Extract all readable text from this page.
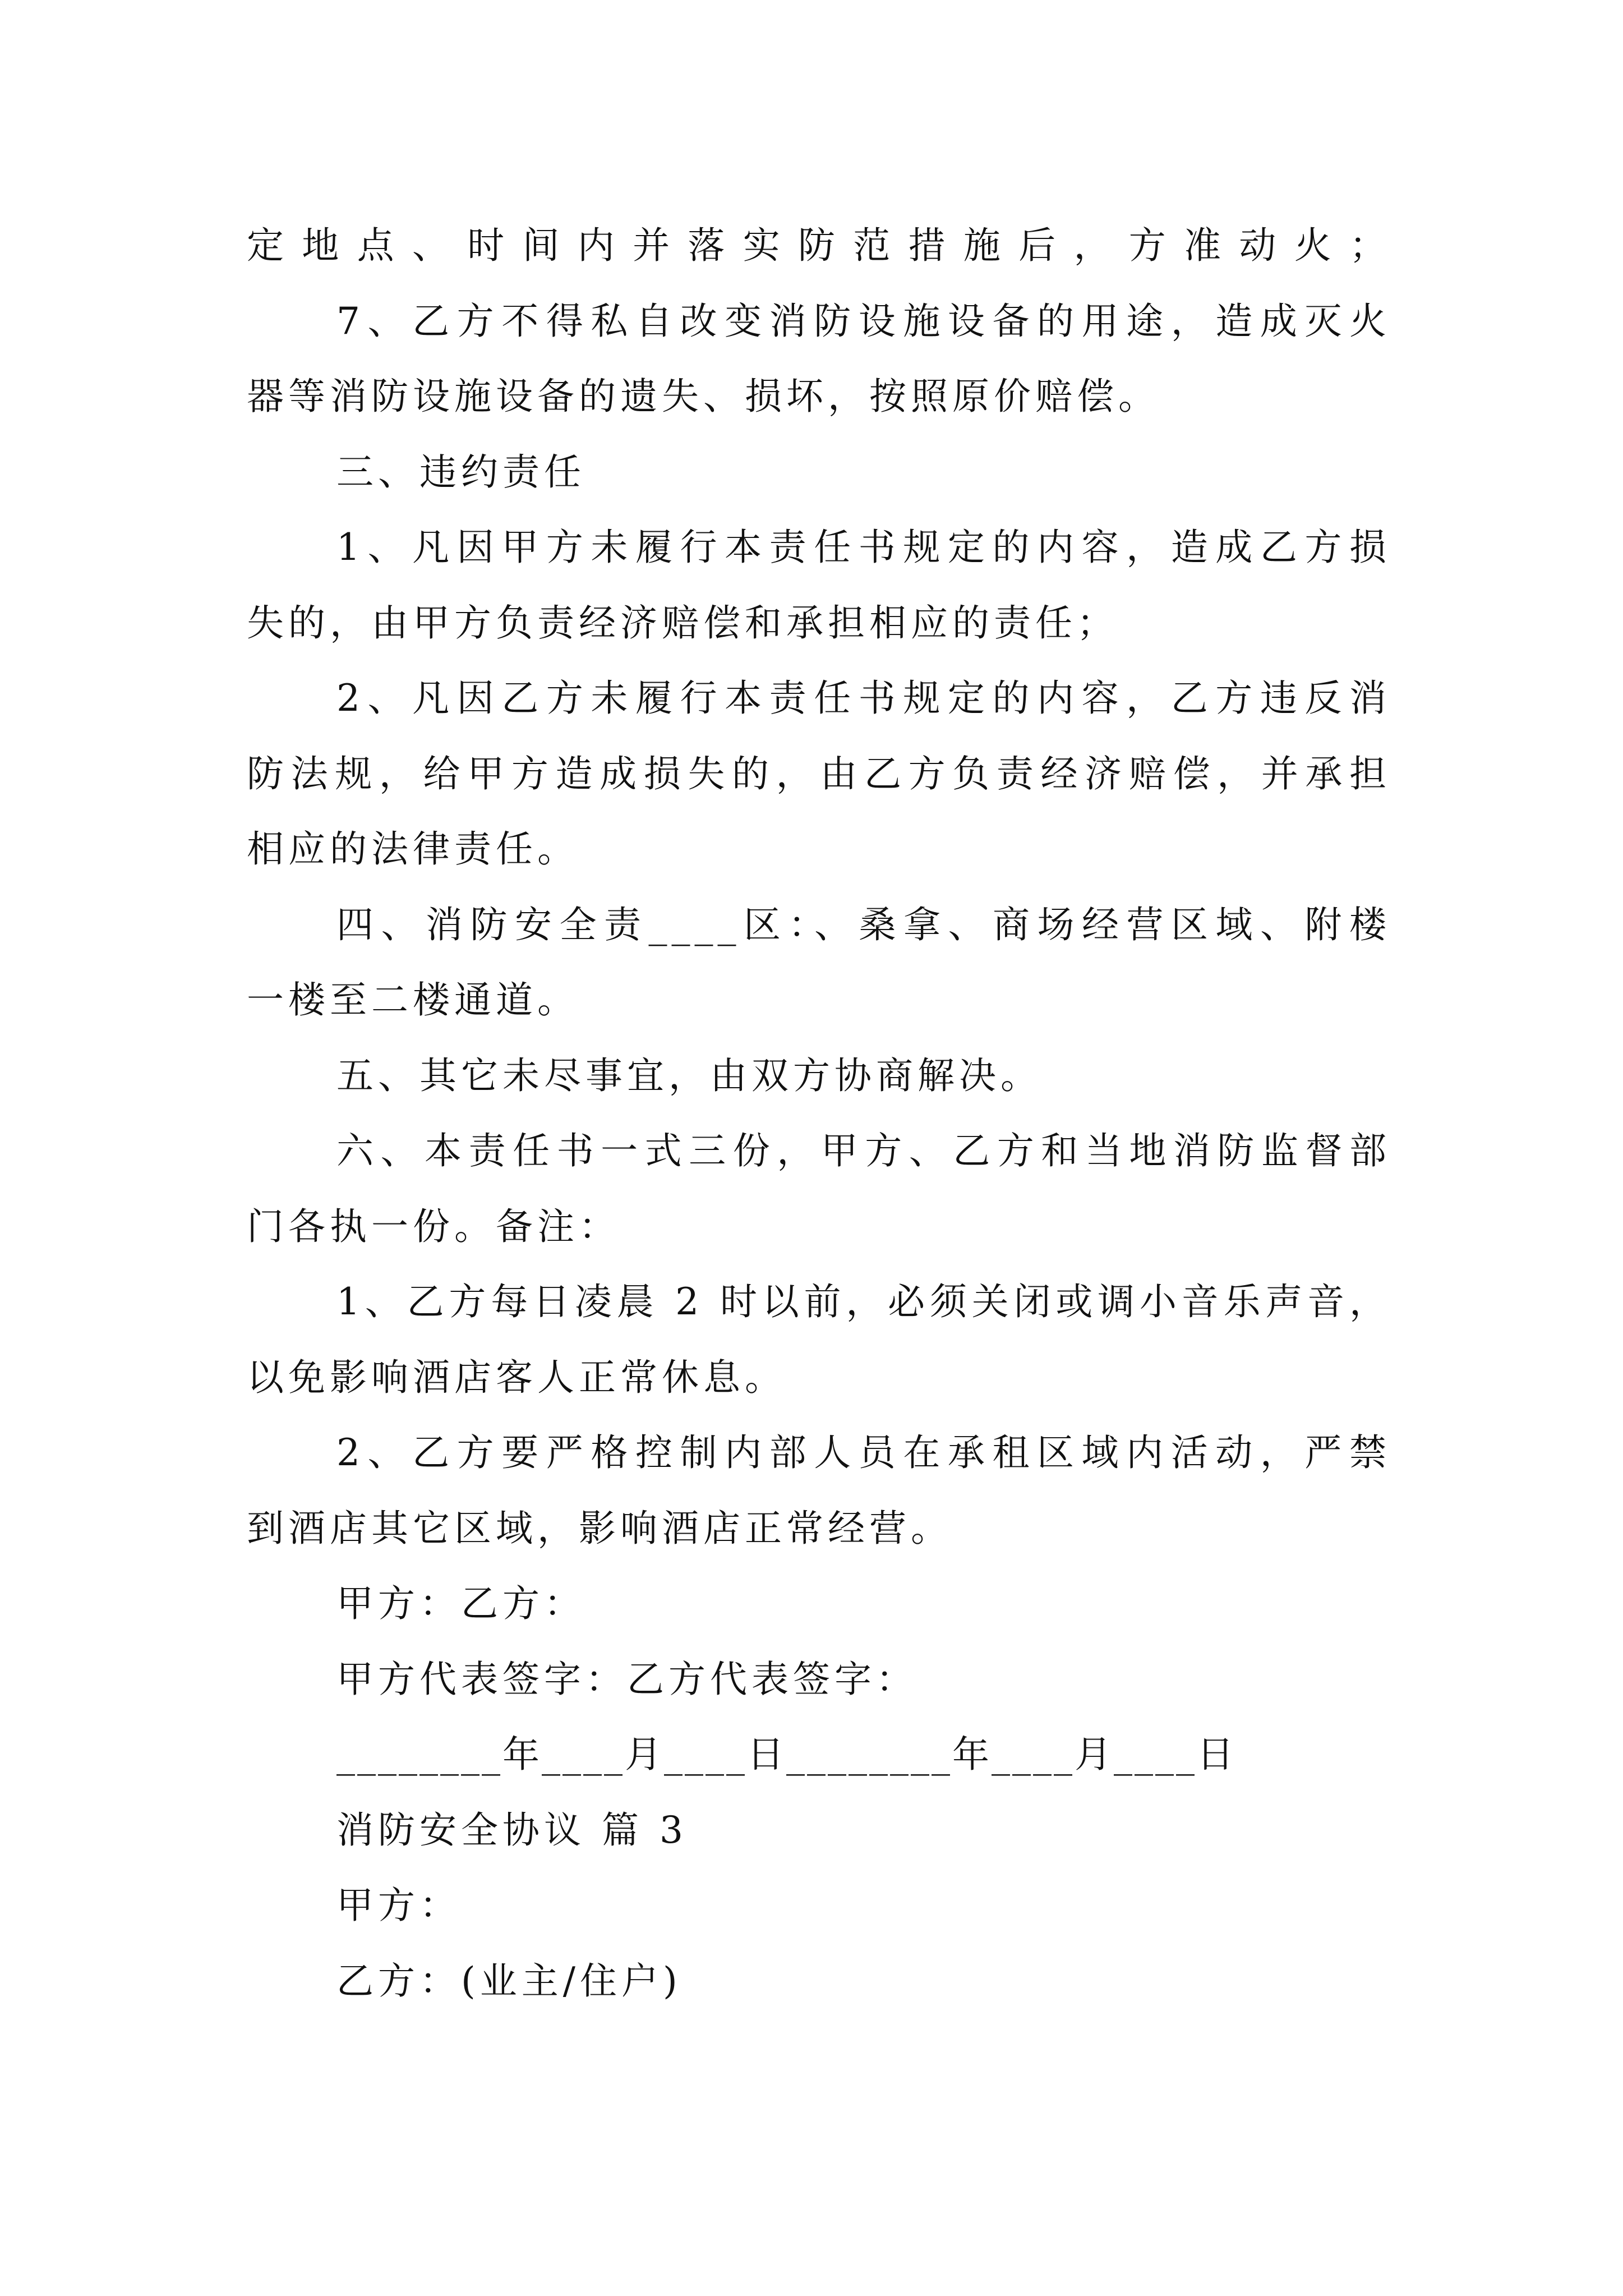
定地点、时间内并落实防范措施后，方准动火；
7、乙方不得私自改变消防设施设备的用途，造成灭火
器等消防设施设备的遗失、损坏，按照原价赔偿。
三、违约责任
1、凡因甲方未履行本责任书规定的内容，造成乙方损
失的，由甲方负责经济赔偿和承担相应的责任；
2、凡因乙方未履行本责任书规定的内容，乙方违反消
防法规，给甲方造成损失的，由乙方负责经济赔偿，并承担
相应的法律责任。
四、消防安全责____区：、桑拿、商场经营区域、附楼
一楼至二楼通道。
五、其它未尽事宜，由双方协商解决。
六、本责任书一式三份，甲方、乙方和当地消防监督部
门各执一份。备注：
1、乙方每日凌晨 2 时以前，必须关闭或调小音乐声音，
以免影响酒店客人正常休息。
2、乙方要严格控制内部人员在承租区域内活动，严禁
到酒店其它区域，影响酒店正常经营。
甲方：乙方：
甲方代表签字：乙方代表签字：
________年____月____日________年____月____日
消防安全协议 篇 3
甲方：
乙方：(业主/住户)
